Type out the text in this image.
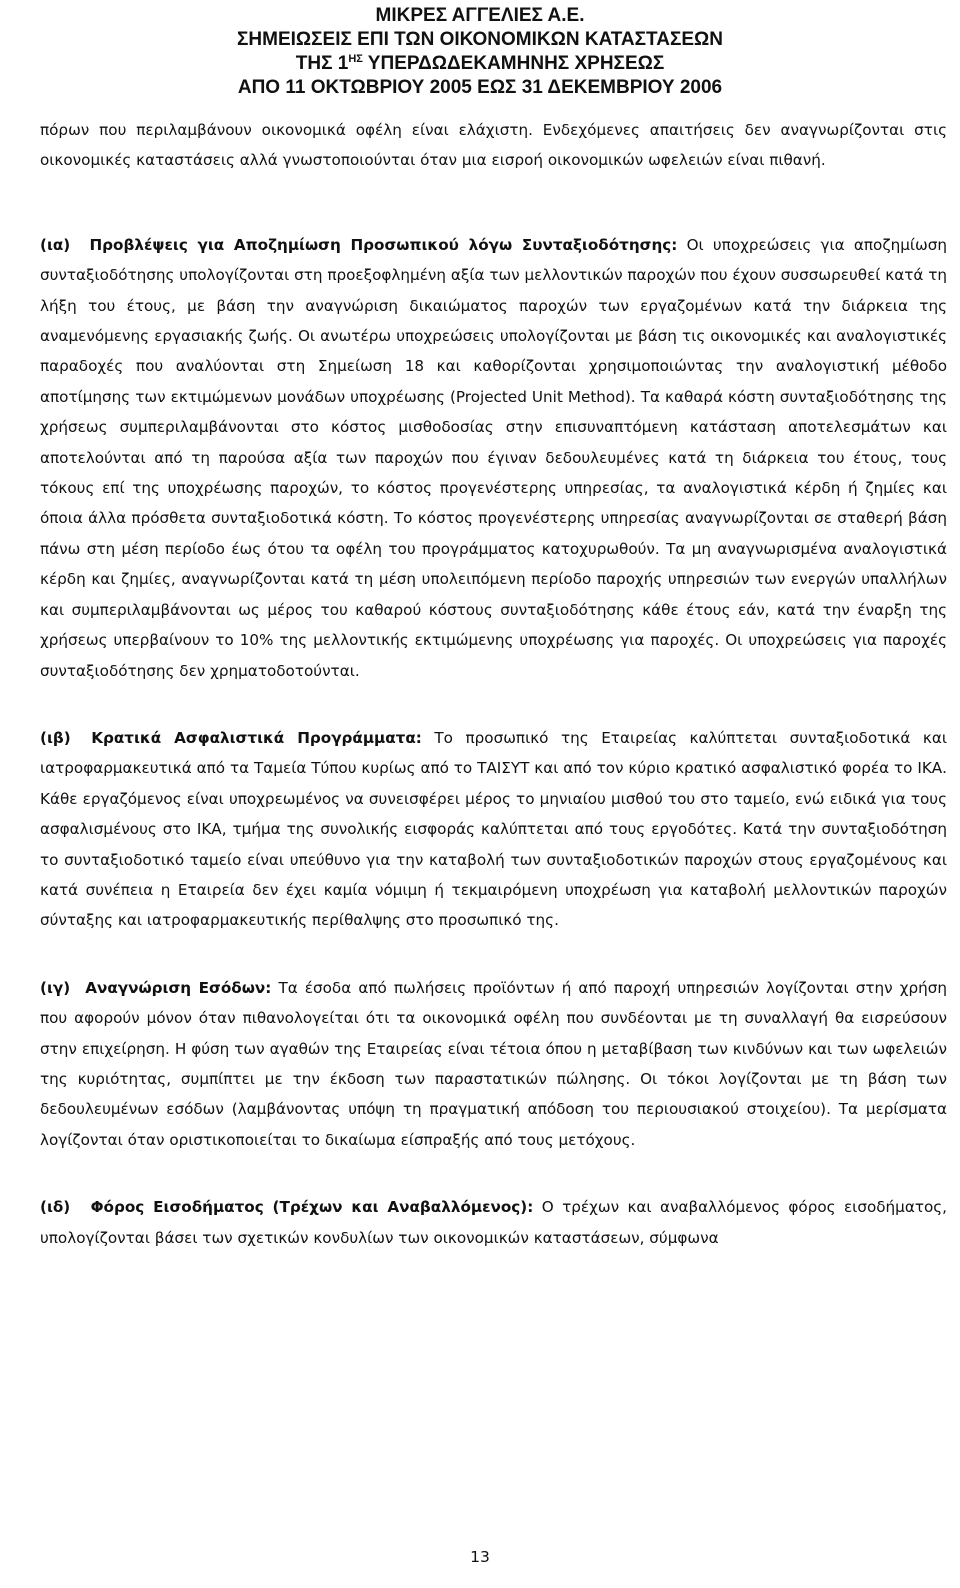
ΜΙΚΡΕΣ ΑΓΓΕΛΙΕΣ Α.Ε.
ΣΗΜΕΙΩΣΕΙΣ ΕΠΙ ΤΩΝ ΟΙΚΟΝΟΜΙΚΩΝ ΚΑΤΑΣΤΑΣΕΩΝ
ΤΗΣ $1^{H\Sigma}$ ΥΠΕΡΔΩΔΕΚΑΜΗΝΗΣ ΧΡΗΣΕΩΣ
ΑΠΟ 11 ΟΚΤΩΒΡΙΟΥ 2005 ΕΩΣ 31 ΔΕΚΕΜΒΡΙΟΥ 2006

πόρων που περιλαμβάνουν οικονομικά οφέλη είναι ελάχιστη. Ενδεχόμενες απαιτήσεις δεν αναγνωρίζονται στις οικονομικές καταστάσεις αλλά γνωστοποιούνται όταν μια εισροή οικονομικών ωφελειών είναι πιθανή.

(ια) Προβλέψεις για Αποζημίωση Προσωπικού λόγω Συνταξιοδότησης: Οι υποχρεώσεις για αποζημίωση συνταξιοδότησης υπολογίζονται στη προεξοφλημένη αξία των μελλοντικών παροχών που έχουν συσσωρευθεί κατά τη λήξη του έτους, με βάση την αναγνώριση δικαιώματος παροχών των εργαζομένων κατά την διάρκεια της αναμενόμενης εργασιακής ζωής. Οι ανωτέρω υποχρεώσεις υπολογίζονται με βάση τις οικονομικές και αναλογιστικές παραδοχές που αναλύονται στη Σημείωση 18 και καθορίζονται χρησιμοποιώντας την αναλογιστική μέθοδο αποτίμησης των εκτιμώμενων μονάδων υποχρέωσης (Projected Unit Method). Τα καθαρά κόστη συνταξιοδότησης της χρήσεως συμπεριλαμβάνονται στο κόστος μισθοδοσίας στην επισυναπτόμενη κατάσταση αποτελεσμάτων και αποτελούνται από τη παρούσα αξία των παροχών που έγιναν δεδουλευμένες κατά τη διάρκεια του έτους, τους τόκους επί της υποχρέωσης παροχών, το κόστος προγενέστερης υπηρεσίας, τα αναλογιστικά κέρδη ή ζημίες και όποια άλλα πρόσθετα συνταξιοδοτικά κόστη. Το κόστος προγενέστερης υπηρεσίας αναγνωρίζονται σε σταθερή βάση πάνω στη μέση περίοδο έως ότου τα οφέλη του προγράμματος κατοχυρωθούν. Τα μη αναγνωρισμένα αναλογιστικά κέρδη και ζημίες, αναγνωρίζονται κατά τη μέση υπολειπόμενη περίοδο παροχής υπηρεσιών των ενεργών υπαλλήλων και συμπεριλαμβάνονται ως μέρος του καθαρού κόστους συνταξιοδότησης κάθε έτους εάν, κατά την έναρξη της χρήσεως υπερβαίνουν το 10% της μελλοντικής εκτιμώμενης υποχρέωσης για παροχές. Οι υποχρεώσεις για παροχές συνταξιοδότησης δεν χρηματοδοτούνται.

(ιβ) Κρατικά Ασφαλιστικά Προγράμματα: Το προσωπικό της Εταιρείας καλύπτεται συνταξιοδοτικά και ιατροφαρμακευτικά από τα Ταμεία Τύπου κυρίως από το ΤΑΙΣΥΤ και από τον κύριο κρατικό ασφαλιστικό φορέα το ΙΚΑ. Κάθε εργαζόμενος είναι υποχρεωμένος να συνεισφέρει μέρος το μηνιαίου μισθού του στο ταμείο, ενώ ειδικά για τους ασφαλισμένους στο ΙΚΑ, τμήμα της συνολικής εισφοράς καλύπτεται από τους εργοδότες. Κατά την συνταξιοδότηση το συνταξιοδοτικό ταμείο είναι υπεύθυνο για την καταβολή των συνταξιοδοτικών παροχών στους εργαζομένους και κατά συνέπεια η Εταιρεία δεν έχει καμία νόμιμη ή τεκμαιρόμενη υποχρέωση για καταβολή μελλοντικών παροχών σύνταξης και ιατροφαρμακευτικής περίθαλψης στο προσωπικό της.

(ιγ) Αναγνώριση Εσόδων: Τα έσοδα από πωλήσεις προϊόντων ή από παροχή υπηρεσιών λογίζονται στην χρήση που αφορούν μόνον όταν πιθανολογείται ότι τα οικονομικά οφέλη που συνδέονται με τη συναλλαγή θα εισρεύσουν στην επιχείρηση. Η φύση των αγαθών της Εταιρείας είναι τέτοια όπου η μεταβίβαση των κινδύνων και των ωφελειών της κυριότητας, συμπίπτει με την έκδοση των παραστατικών πώλησης. Οι τόκοι λογίζονται με τη βάση των δεδουλευμένων εσόδων (λαμβάνοντας υπόψη τη πραγματική απόδοση του περιουσιακού στοιχείου). Τα μερίσματα λογίζονται όταν οριστικοποιείται το δικαίωμα είσπραξής από τους μετόχους.

(ιδ) Φόρος Εισοδήματος (Τρέχων και Αναβαλλόμενος): Ο τρέχων και αναβαλλόμενος φόρος εισοδήματος, υπολογίζονται βάσει των σχετικών κονδυλίων των οικονομικών καταστάσεων, σύμφωνα

13
